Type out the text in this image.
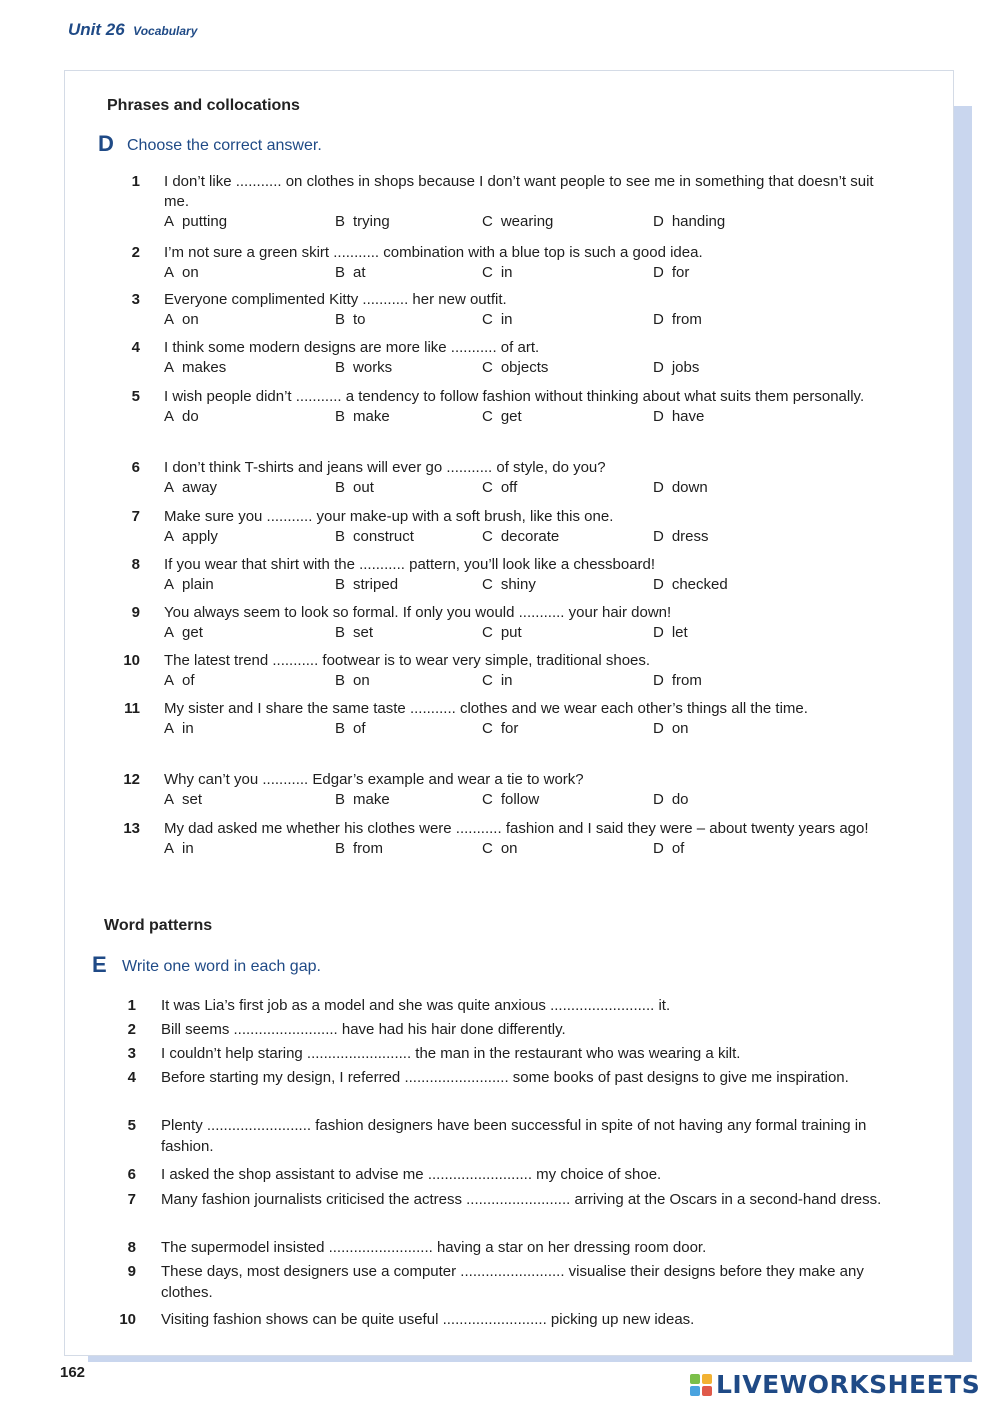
Unit 26 Vocabulary
Phrases and collocations
D Choose the correct answer.
1 I don’t like ........... on clothes in shops because I don’t want people to see me in something that doesn’t suit me.
A putting	B trying	C wearing	D handing
2 I’m not sure a green skirt ........... combination with a blue top is such a good idea.
A on	B at	C in	D for
3 Everyone complimented Kitty ........... her new outfit.
A on	B to	C in	D from
4 I think some modern designs are more like ........... of art.
A makes	B works	C objects	D jobs
5 I wish people didn’t ........... a tendency to follow fashion without thinking about what suits them personally.
A do	B make	C get	D have
6 I don’t think T-shirts and jeans will ever go ........... of style, do you?
A away	B out	C off	D down
7 Make sure you ........... your make-up with a soft brush, like this one.
A apply	B construct	C decorate	D dress
8 If you wear that shirt with the ........... pattern, you’ll look like a chessboard!
A plain	B striped	C shiny	D checked
9 You always seem to look so formal. If only you would ........... your hair down!
A get	B set	C put	D let
10 The latest trend ........... footwear is to wear very simple, traditional shoes.
A of	B on	C in	D from
11 My sister and I share the same taste ........... clothes and we wear each other’s things all the time.
A in	B of	C for	D on
12 Why can’t you ........... Edgar’s example and wear a tie to work?
A set	B make	C follow	D do
13 My dad asked me whether his clothes were ........... fashion and I said they were – about twenty years ago!
A in	B from	C on	D of
Word patterns
E Write one word in each gap.
1 It was Lia’s first job as a model and she was quite anxious ......................... it.
2 Bill seems ......................... have had his hair done differently.
3 I couldn’t help staring ......................... the man in the restaurant who was wearing a kilt.
4 Before starting my design, I referred ......................... some books of past designs to give me inspiration.
5 Plenty ......................... fashion designers have been successful in spite of not having any formal training in fashion.
6 I asked the shop assistant to advise me ......................... my choice of shoe.
7 Many fashion journalists criticised the actress ......................... arriving at the Oscars in a second-hand dress.
8 The supermodel insisted ......................... having a star on her dressing room door.
9 These days, most designers use a computer ......................... visualise their designs before they make any clothes.
10 Visiting fashion shows can be quite useful ......................... picking up new ideas.
162	LIVEWORKSHEETS
